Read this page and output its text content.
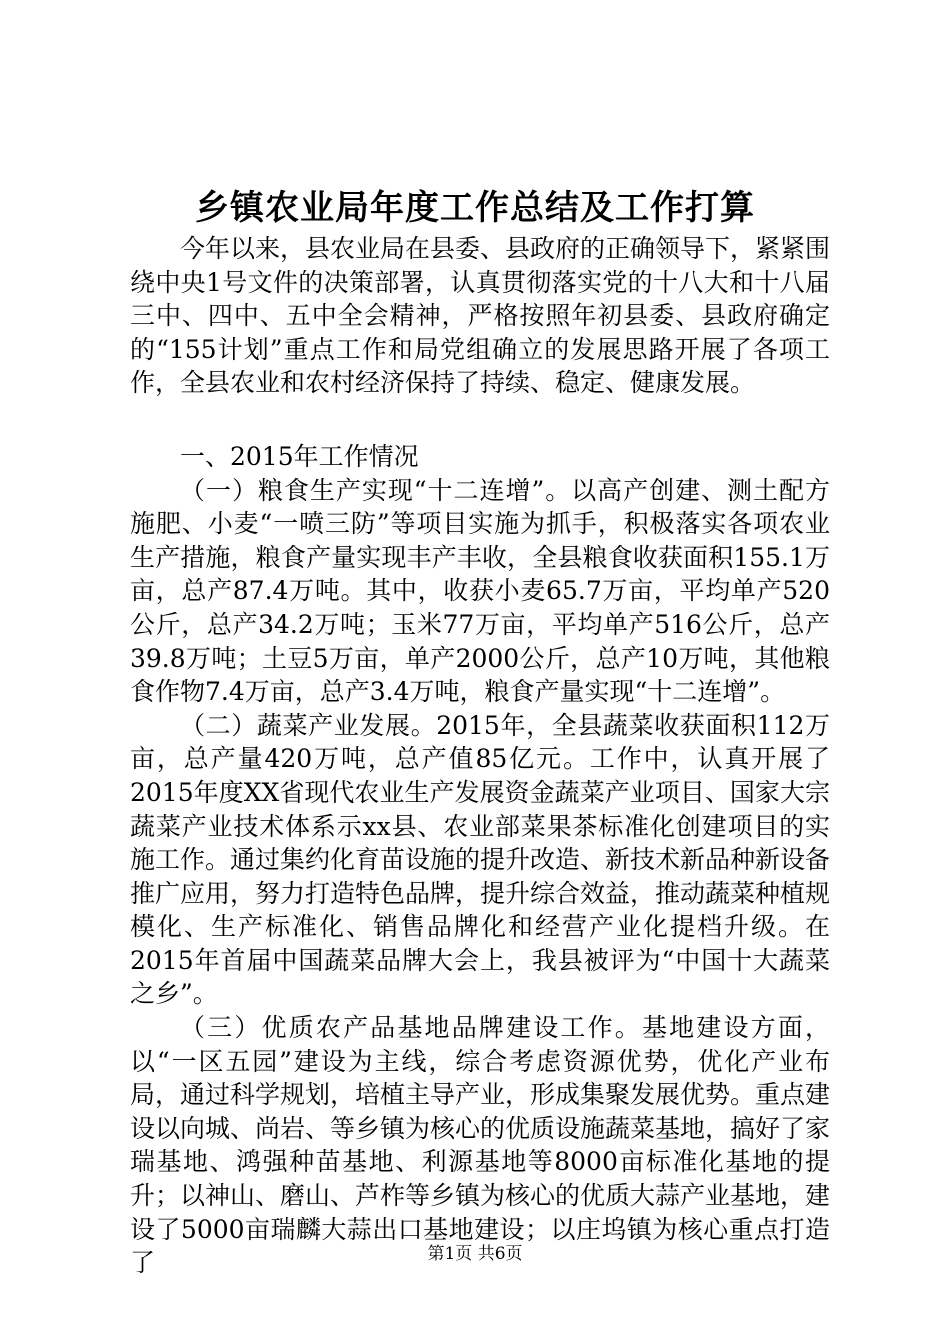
乡镇农业局年度工作总结及工作打算

今年以来，县农业局在县委、县政府的正确领导下，紧紧围绕中央1号文件的决策部署，认真贯彻落实党的十八大和十八届三中、四中、五中全会精神，严格按照年初县委、县政府确定的“155计划”重点工作和局党组确立的发展思路开展了各项工作，全县农业和农村经济保持了持续、稳定、健康发展。

一、2015年工作情况

（一）粮食生产实现“十二连增”。以高产创建、测土配方施肥、小麦“一喷三防”等项目实施为抓手，积极落实各项农业生产措施，粮食产量实现丰产丰收，全县粮食收获面积155.1万亩，总产87.4万吨。其中，收获小麦65.7万亩，平均单产520公斤，总产34.2万吨；玉米77万亩，平均单产516公斤，总产39.8万吨；土豆5万亩，单产2000公斤，总产10万吨，其他粮食作物7.4万亩，总产3.4万吨，粮食产量实现“十二连增”。

（二）蔬菜产业发展。2015年，全县蔬菜收获面积112万亩，总产量420万吨，总产值85亿元。工作中，认真开展了2015年度XX省现代农业生产发展资金蔬菜产业项目、国家大宗蔬菜产业技术体系示xx县、农业部菜果茶标准化创建项目的实施工作。通过集约化育苗设施的提升改造、新技术新品种新设备推广应用，努力打造特色品牌，提升综合效益，推动蔬菜种植规模化、生产标准化、销售品牌化和经营产业化提档升级。在2015年首届中国蔬菜品牌大会上，我县被评为“中国十大蔬菜之乡”。

（三）优质农产品基地品牌建设工作。基地建设方面，以“一区五园”建设为主线，综合考虑资源优势，优化产业布局，通过科学规划，培植主导产业，形成集聚发展优势。重点建设以向城、尚岩、等乡镇为核心的优质设施蔬菜基地，搞好了家瑞基地、鸿强种苗基地、利源基地等8000亩标准化基地的提升；以神山、磨山、芦柞等乡镇为核心的优质大蒜产业基地，建设了5000亩瑞麟大蒜出口基地建设；以庄坞镇为核心重点打造了	第1页 共6页
